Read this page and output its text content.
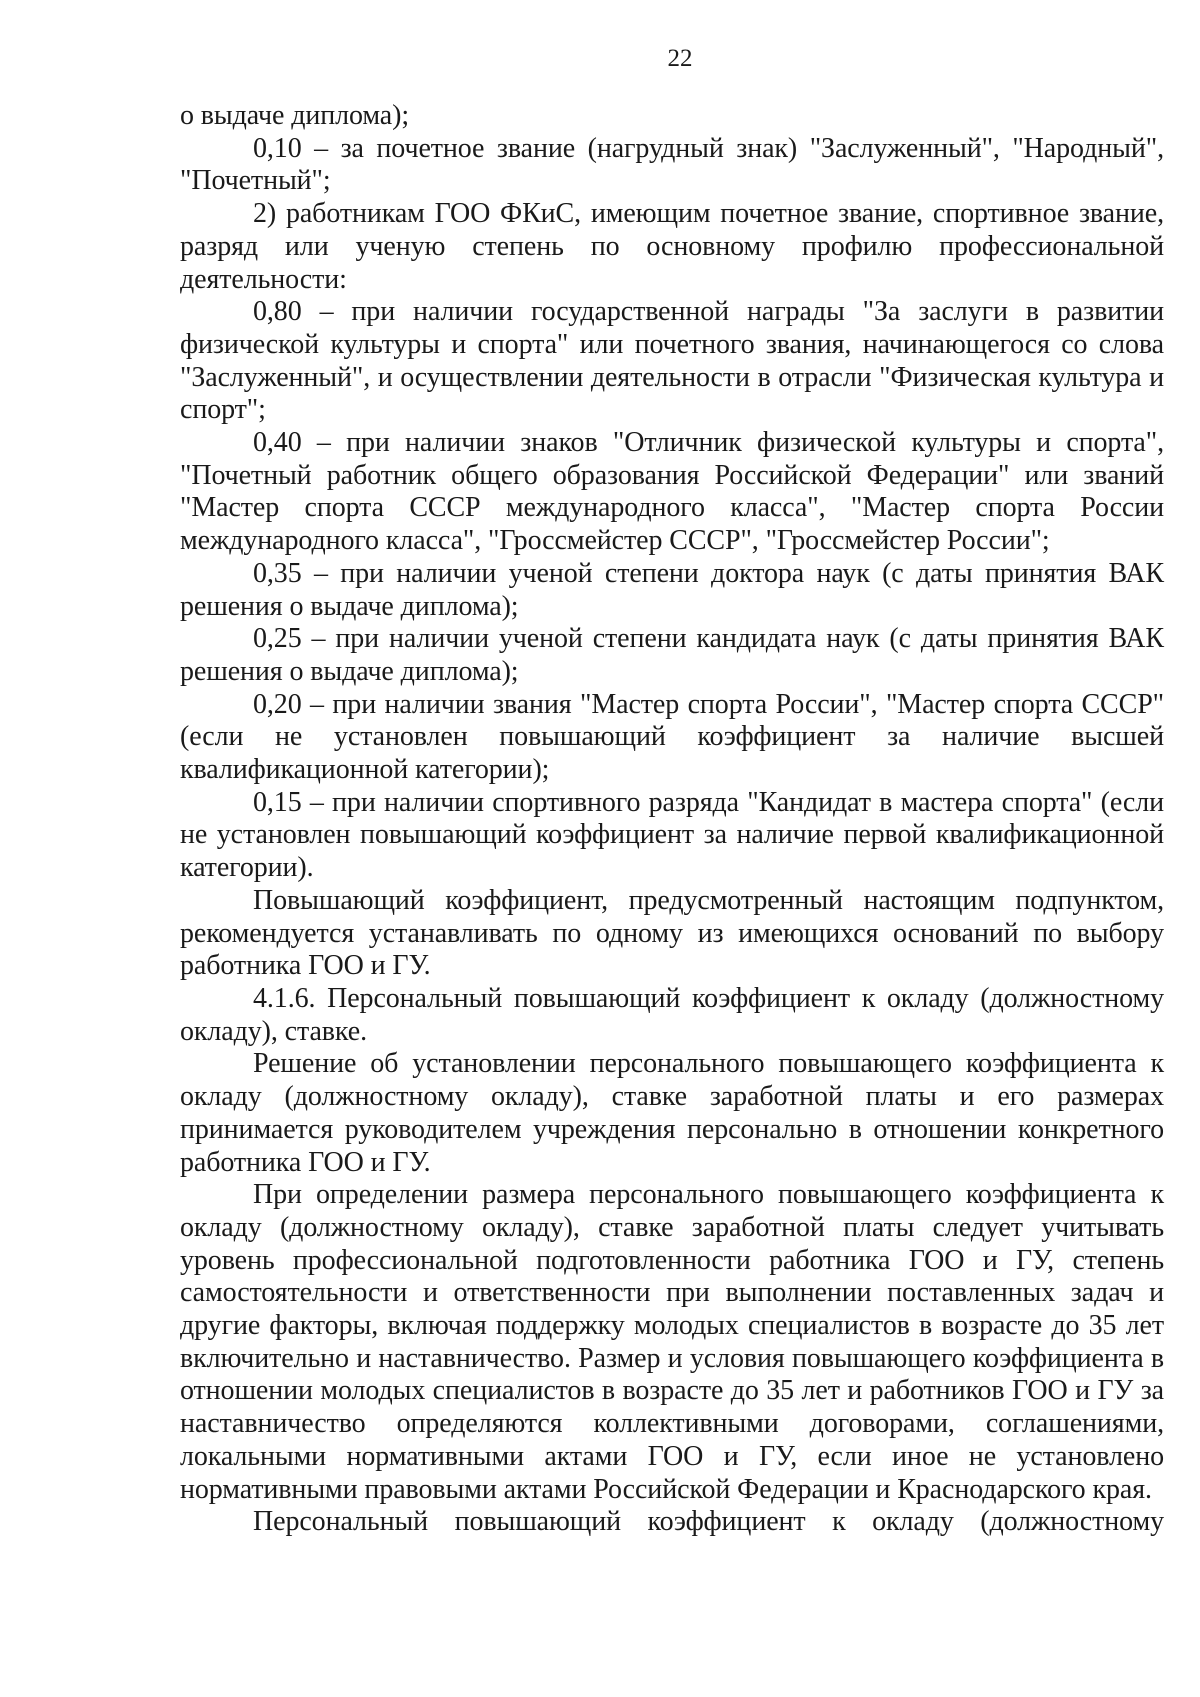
22

о выдаче диплома);

0,10 – за почетное звание (нагрудный знак) "Заслуженный", "Народный", "Почетный";

2) работникам ГОО ФКиС, имеющим почетное звание, спортивное звание, разряд или ученую степень по основному профилю профессиональной деятельности:

0,80 – при наличии государственной награды "За заслуги в развитии физической культуры и спорта" или почетного звания, начинающегося со слова "Заслуженный", и осуществлении деятельности в отрасли "Физическая культура и спорт";

0,40 – при наличии знаков "Отличник физической культуры и спорта", "Почетный работник общего образования Российской Федерации" или званий "Мастер спорта СССР международного класса", "Мастер спорта России международного класса", "Гроссмейстер СССР", "Гроссмейстер России";

0,35 – при наличии ученой степени доктора наук (с даты принятия ВАК решения о выдаче диплома);

0,25 – при наличии ученой степени кандидата наук (с даты принятия ВАК решения о выдаче диплома);

0,20 – при наличии звания "Мастер спорта России", "Мастер спорта СССР" (если не установлен повышающий коэффициент за наличие высшей квалификационной категории);

0,15 – при наличии спортивного разряда "Кандидат в мастера спорта" (если не установлен повышающий коэффициент за наличие первой квалификационной категории).

Повышающий коэффициент, предусмотренный настоящим подпунктом, рекомендуется устанавливать по одному из имеющихся оснований по выбору работника ГОО и ГУ.

4.1.6. Персональный повышающий коэффициент к окладу (должностному окладу), ставке.

Решение об установлении персонального повышающего коэффициента к окладу (должностному окладу), ставке заработной платы и его размерах принимается руководителем учреждения персонально в отношении конкретного работника ГОО и ГУ.

При определении размера персонального повышающего коэффициента к окладу (должностному окладу), ставке заработной платы следует учитывать уровень профессиональной подготовленности работника ГОО и ГУ, степень самостоятельности и ответственности при выполнении поставленных задач и другие факторы, включая поддержку молодых специалистов в возрасте до 35 лет включительно и наставничество. Размер и условия повышающего коэффициента в отношении молодых специалистов в возрасте до 35 лет и работников ГОО и ГУ за наставничество определяются коллективными договорами, соглашениями, локальными нормативными актами ГОО и ГУ, если иное не установлено нормативными правовыми актами Российской Федерации и Краснодарского края.

Персональный повышающий коэффициент к окладу (должностному
